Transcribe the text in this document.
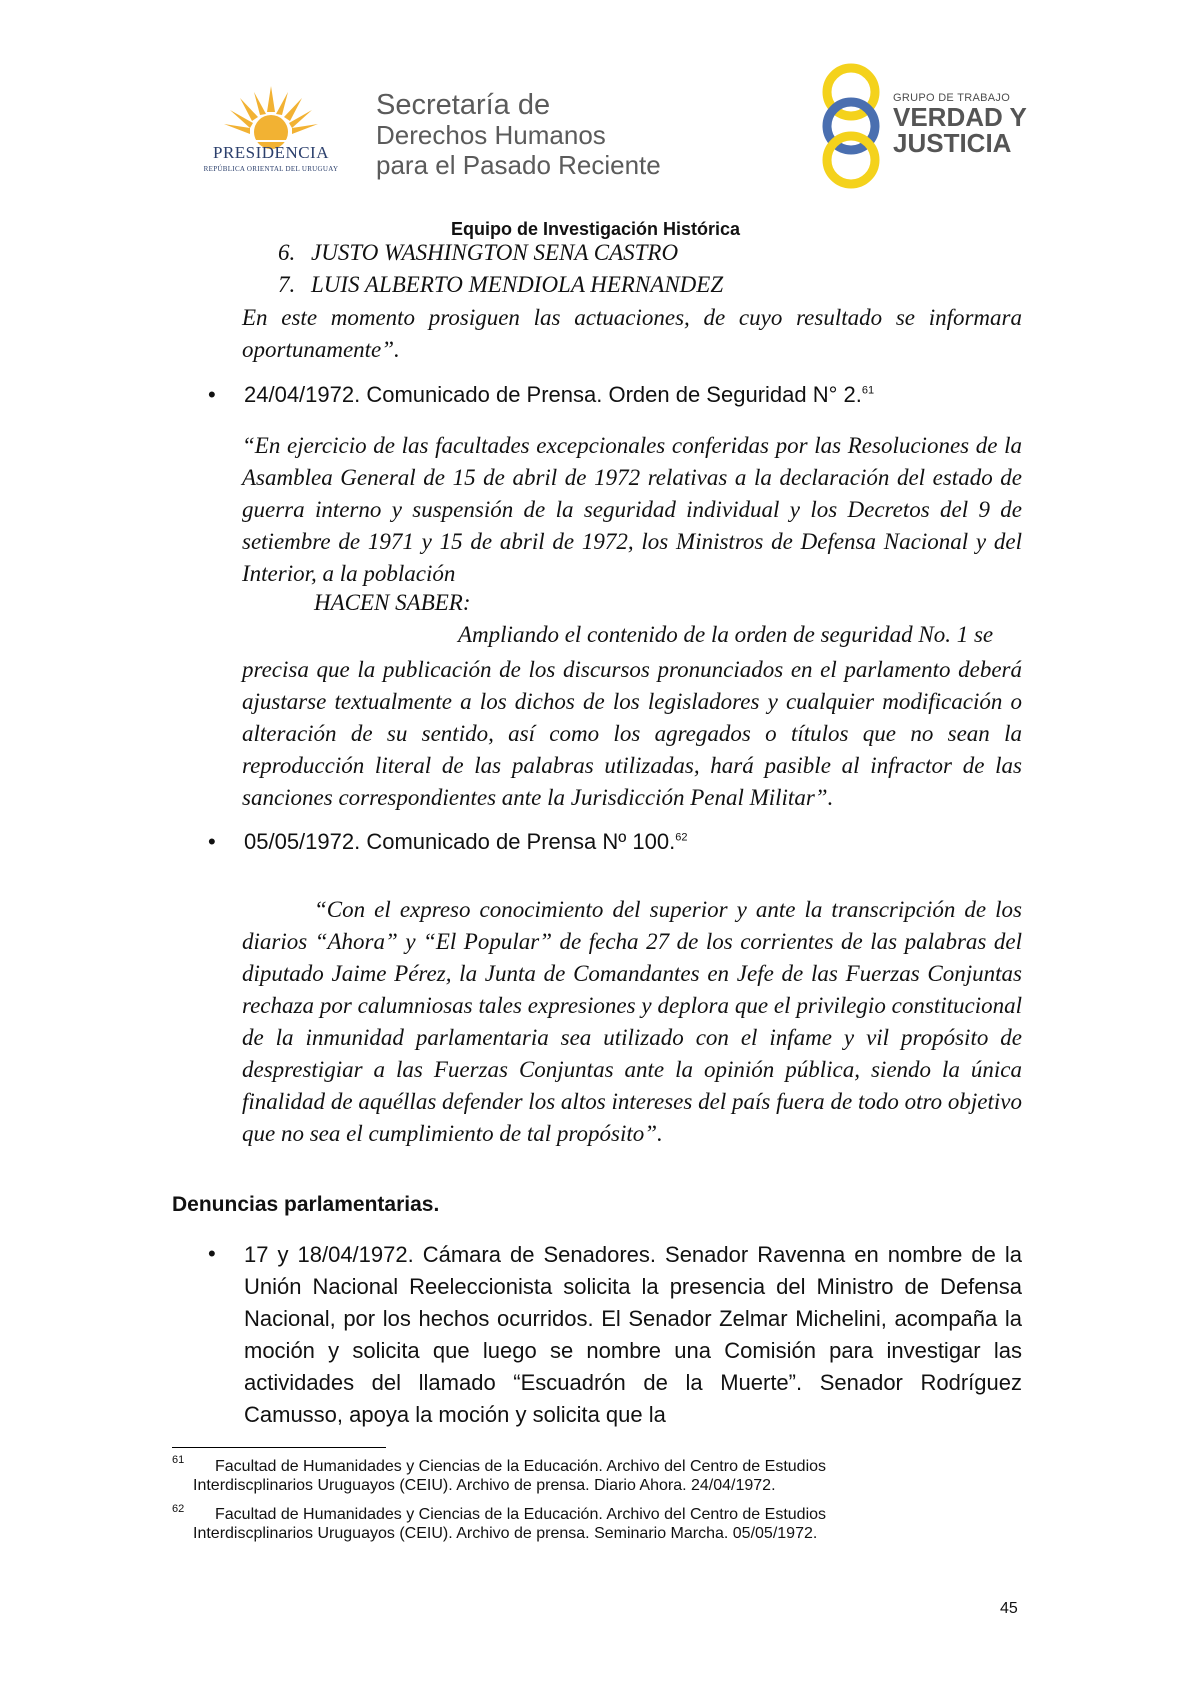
PRESIDENCIA
REPÚBLICA ORIENTAL DEL URUGUAY
Secretaría de
Derechos Humanos
para el Pasado Reciente
GRUPO DE TRABAJO
VERDAD Y
JUSTICIA
Equipo de Investigación Histórica
6. JUSTO WASHINGTON SENA CASTRO
7. LUIS ALBERTO MENDIOLA HERNANDEZ
En este momento prosiguen las actuaciones, de cuyo resultado se informara oportunamente”.
• 24/04/1972. Comunicado de Prensa. Orden de Seguridad N° 2.61
“En ejercicio de las facultades excepcionales conferidas por las Resoluciones de la Asamblea General de 15 de abril de 1972 relativas a la declaración del estado de guerra interno y suspensión de la seguridad individual y los Decretos del 9 de setiembre de 1971 y 15 de abril de 1972, los Ministros de Defensa Nacional y del Interior, a la población
HACEN SABER:
Ampliando el contenido de la orden de seguridad No. 1 se
precisa que la publicación de los discursos pronunciados en el parlamento deberá ajustarse textualmente a los dichos de los legisladores y cualquier modificación o alteración de su sentido, así como los agregados o títulos que no sean la reproducción literal de las palabras utilizadas, hará pasible al infractor de las sanciones correspondientes ante la Jurisdicción Penal Militar”.
• 05/05/1972. Comunicado de Prensa Nº 100.62
“Con el expreso conocimiento del superior y ante la transcripción de los diarios “Ahora” y “El Popular” de fecha 27 de los corrientes de las palabras del diputado Jaime Pérez, la Junta de Comandantes en Jefe de las Fuerzas Conjuntas rechaza por calumniosas tales expresiones y deplora que el privilegio constitucional de la inmunidad parlamentaria sea utilizado con el infame y vil propósito de desprestigiar a las Fuerzas Conjuntas ante la opinión pública, siendo la única finalidad de aquéllas defender los altos intereses del país fuera de todo otro objetivo que no sea el cumplimiento de tal propósito”.
Denuncias parlamentarias.
• 17 y 18/04/1972. Cámara de Senadores. Senador Ravenna en nombre de la Unión Nacional Reeleccionista solicita la presencia del Ministro de Defensa Nacional, por los hechos ocurridos. El Senador Zelmar Michelini, acompaña la moción y solicita que luego se nombre una Comisión para investigar las actividades del llamado “Escuadrón de la Muerte”. Senador Rodríguez Camusso, apoya la moción y solicita que la
61	Facultad de Humanidades y Ciencias de la Educación. Archivo del Centro de Estudios
Interdiscplinarios Uruguayos (CEIU). Archivo de prensa. Diario Ahora. 24/04/1972.
62	Facultad de Humanidades y Ciencias de la Educación. Archivo del Centro de Estudios
Interdiscplinarios Uruguayos (CEIU). Archivo de prensa. Seminario Marcha. 05/05/1972.
45
